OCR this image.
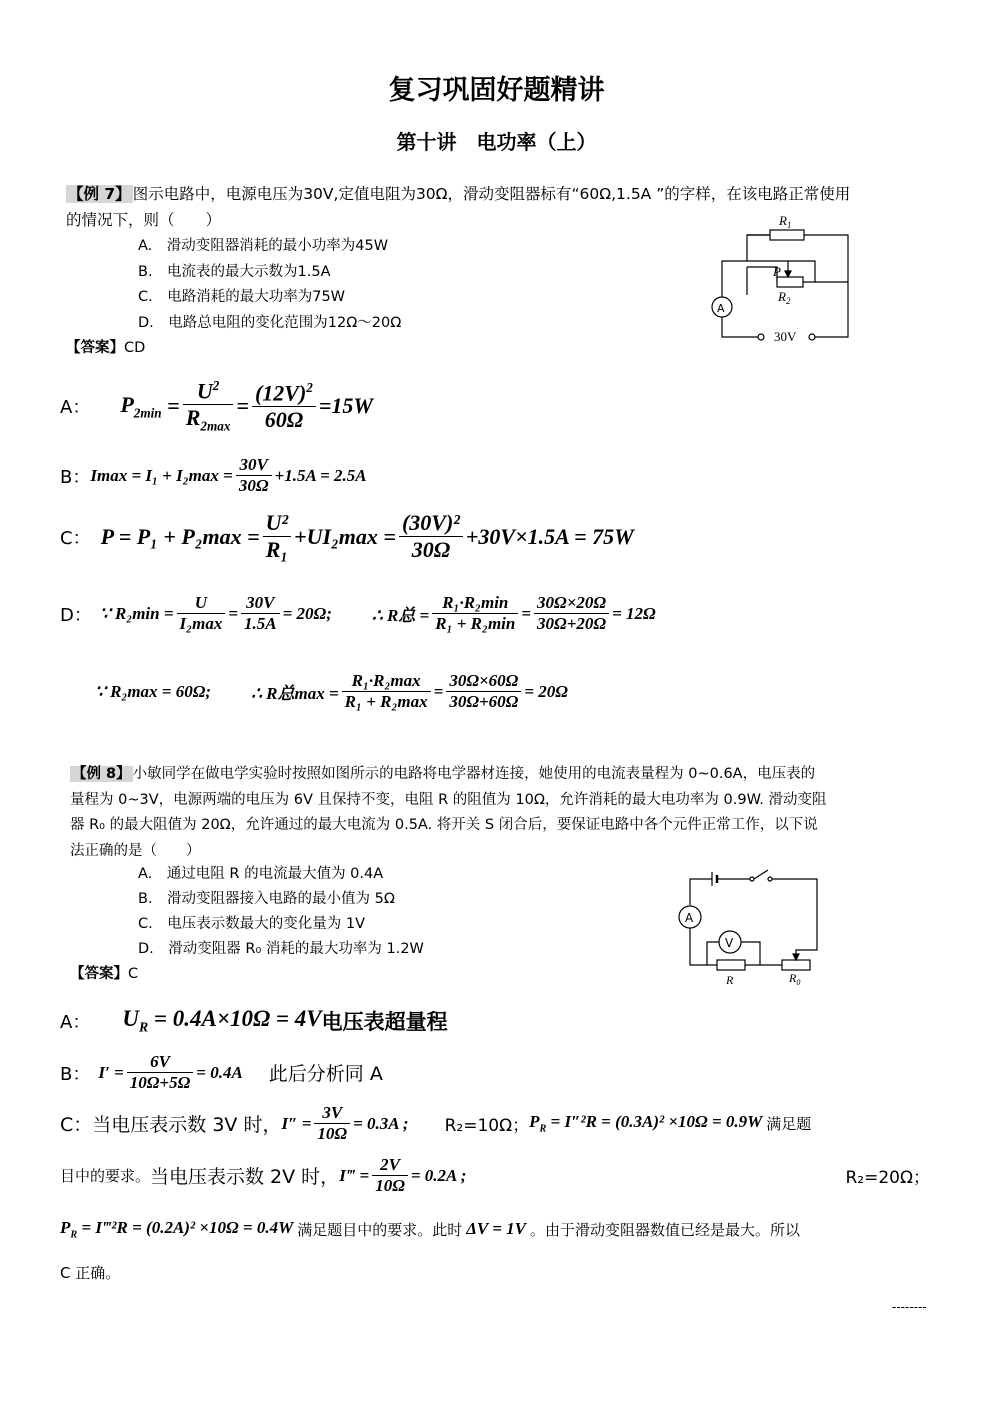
复习巩固好题精讲
第十讲　电功率（上）
【例 7】 图示电路中，电源电压为30V,定值电阻为30Ω，滑动变阻器标有“60Ω,1.5A ”的字样，在该电路正常使用
的情况下，则（　　）
A.　滑动变阻器消耗的最小功率为45W
B.　电流表的最大示数为1.5A
C.　电路消耗的最大功率为75W
D.　电路总电阻的变化范围为12Ω～20Ω
【答案】CD
$R_1$
P
$R_2$
A
30V
A： $P_{2min} = \frac{U^2}{R_{2max}} = \frac{(12V)^2}{60\Omega} =15W$
B： $Imax = I_1 + I_2\max = \frac{30V}{30\Omega} +1.5A = 2.5A$
C： $P = P_1 + P_2\max = \frac{\text{U²}}{\text{R₁}} +UI_2\max = \frac{\text{(30V)²}}{30\Omega} +30V\times 1.5A = 75W$
D： ∵ $R_2\min = \frac{U}{\text{I₂max}} = \frac{30V}{1.5A} = 20\Omega$; ∴ R总 = $\frac{\text{R₁·R₂min}}{\text{R₁ + R₂min}} = \frac{30\Omega\times 20\Omega}{30\Omega+20\Omega} = 12\Omega$
∵ R₂max = 60Ω; ∴ R总$\max = \frac{\text{R₁·R₂max}}{\text{R₁ + R₂max}} = \frac{30\Omega\times 60\Omega}{30\Omega+60\Omega} = 20\Omega$
【例 8】 小敏同学在做电学实验时按照如图所示的电路将电学器材连接，她使用的电流表量程为 0~0.6A，电压表的
量程为 0~3V，电源两端的电压为 6V 且保持不变，电阻 R 的阻值为 10Ω，允许消耗的最大电功率为 0.9W. 滑动变阻
器 R₀ 的最大阻值为 20Ω，允许通过的最大电流为 0.5A. 将开关 S 闭合后，要保证电路中各个元件正常工作，以下说
法正确的是（　　）
A.　通过电阻 R 的电流最大值为 0.4A
B.　滑动变阻器接入电路的最小值为 5Ω
C.　电压表示数最大的变化量为 1V
D.　滑动变阻器 R₀ 消耗的最大功率为 1.2W
【答案】C
A
V
R	$R_0$
A： $U_R = 0.4A\times 10\Omega = 4V$ 电压表超量程
B： $I' = \frac{6V}{10\Omega+5\Omega} = 0.4A$ 此后分析同 A
C： 当电压表示数 3V 时， $I'' = \frac{3V}{10\Omega} = 0.3A$ ; R₂=10Ω； $P_R = I''^2R = (0.3A)^2 \times 10\Omega = 0.9W$ 满足题
目中的要求。 当电压表示数 2V 时， I‴ = $\frac{2V}{10\Omega} = 0.2A$ ;	R₂=20Ω；
$P_R$ = I‴²R = (0.2A)² ×10Ω = 0.4W 满足题目中的要求。此时 ΔV = 1V 。由于滑动变阻器数值已经是最大。所以
C 正确。
--------
